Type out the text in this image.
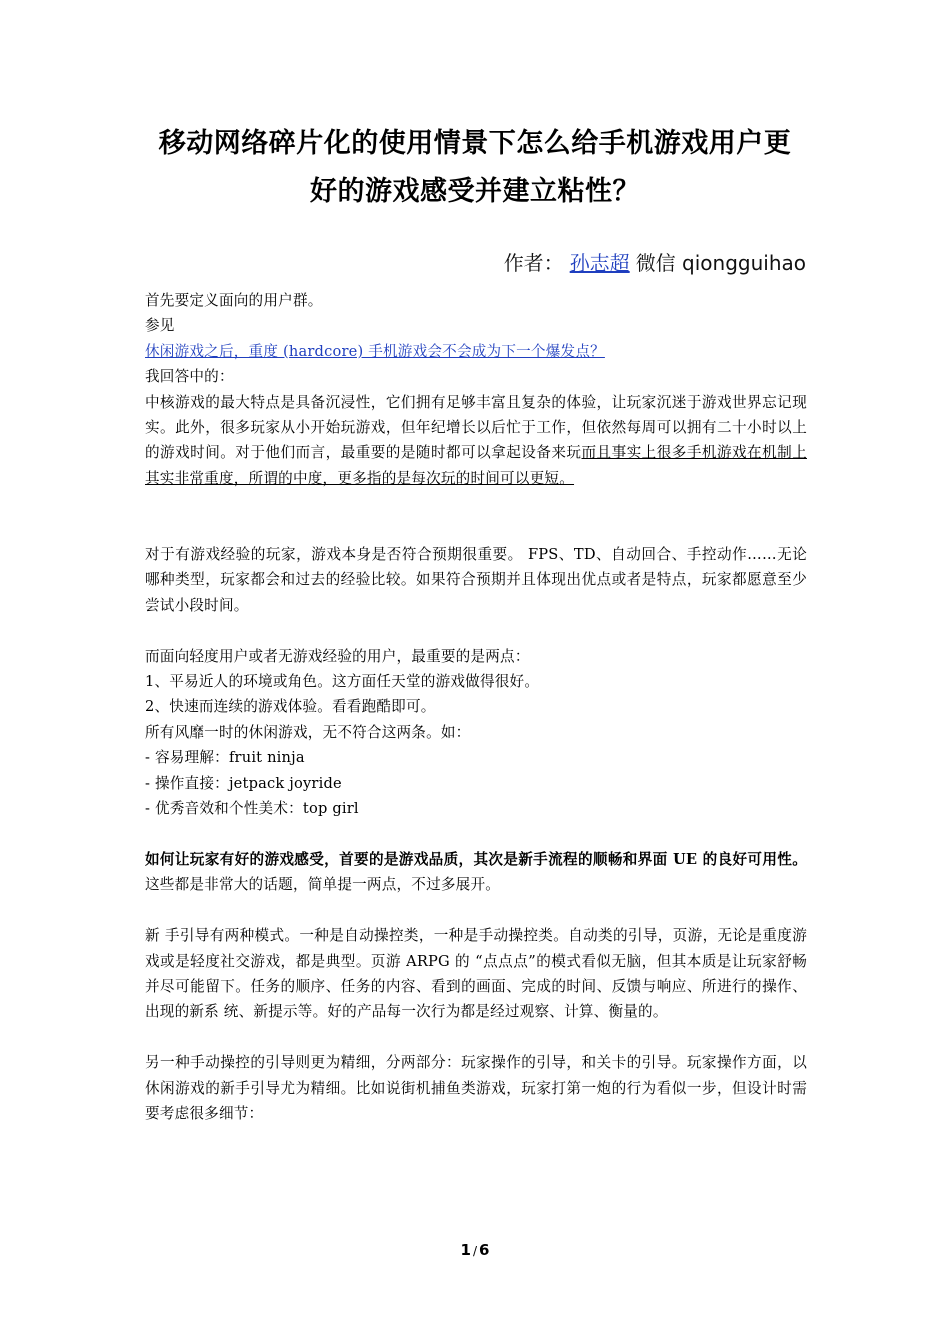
移动网络碎片化的使用情景下怎么给手机游戏用户更
好的游戏感受并建立粘性？
作者： 孙志超 微信 qiongguihao

首先要定义面向的用户群。

参见

休闲游戏之后，重度 (hardcore) 手机游戏会不会成为下一个爆发点？

我回答中的：

中核游戏的最大特点是具备沉浸性，它们拥有足够丰富且复杂的体验，让玩家沉迷于游戏世界忘记现实。此外，很多玩家从小开始玩游戏，但年纪增长以后忙于工作，但依然每周可以拥有二十小时以上的游戏时间。对于他们而言，最重要的是随时都可以拿起设备来玩而且事实上很多手机游戏在机制上其实非常重度，所谓的中度，更多指的是每次玩的时间可以更短。

对于有游戏经验的玩家，游戏本身是否符合预期很重要。 FPS、TD、自动回合、手控动作……无论哪种类型，玩家都会和过去的经验比较。如果符合预期并且体现出优点或者是特点，玩家都愿意至少尝试小段时间。

而面向轻度用户或者无游戏经验的用户，最重要的是两点：

1、平易近人的环境或角色。这方面任天堂的游戏做得很好。

2、快速而连续的游戏体验。看看跑酷即可。

所有风靡一时的休闲游戏，无不符合这两条。如：

- 容易理解：fruit ninja

- 操作直接：jetpack joyride

- 优秀音效和个性美术：top girl

如何让玩家有好的游戏感受，首要的是游戏品质，其次是新手流程的顺畅和界面 UE 的良好可用性。这些都是非常大的话题，简单提一两点，不过多展开。

新 手引导有两种模式。一种是自动操控类，一种是手动操控类。自动类的引导，页游，无论是重度游戏或是轻度社交游戏，都是典型。页游 ARPG 的 “点点点”的模式看似无脑，但其本质是让玩家舒畅并尽可能留下。任务的顺序、任务的内容、看到的画面、完成的时间、反馈与响应、所进行的操作、出现的新系 统、新提示等。好的产品每一次行为都是经过观察、计算、衡量的。

另一种手动操控的引导则更为精细，分两部分：玩家操作的引导，和关卡的引导。玩家操作方面，以休闲游戏的新手引导尤为精细。比如说街机捕鱼类游戏，玩家打第一炮的行为看似一步，但设计时需要考虑很多细节：

1 / 6
